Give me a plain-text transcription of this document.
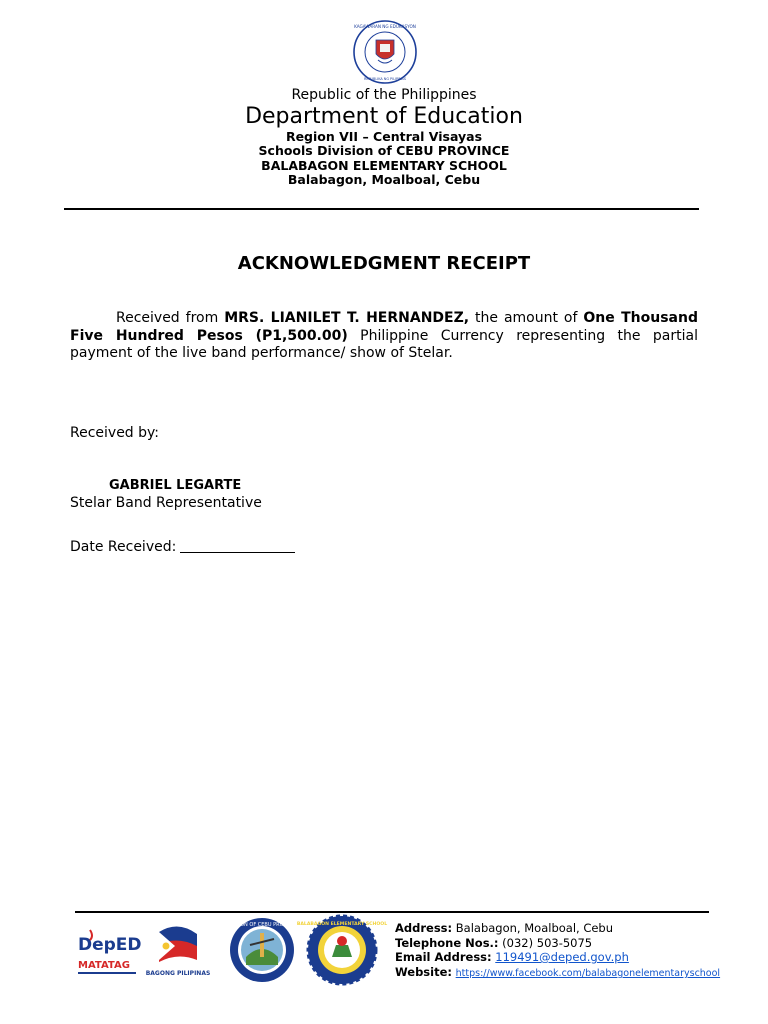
KAGAWARAN NG EDUKASYON
REPUBLIKA NG PILIPINAS

Republic of the Philippines

Department of Education

Region VII – Central Visayas

Schools Division of CEBU PROVINCE

BALABAGON ELEMENTARY SCHOOL

Balabagon, Moalboal, Cebu

ACKNOWLEDGMENT RECEIPT

Received from MRS. LIANILET T. HERNANDEZ, the amount of One Thousand Five Hundred Pesos (P1,500.00) Philippine Currency representing the partial payment of the live band performance/ show of Stelar.

Received by:

GABRIEL LEGARTE

Stelar Band Representative

Date Received:

DepED
MATATAG
BAGONG PILIPINAS
DIVISION OF CEBU PROVINCE
BALABAGON ELEMENTARY SCHOOL Address: Balabagon, Moalboal, Cebu

Telephone Nos.: (032) 503-5075

Email Address: 119491@deped.gov.ph

Website: https://www.facebook.com/balabagonelementaryschool
